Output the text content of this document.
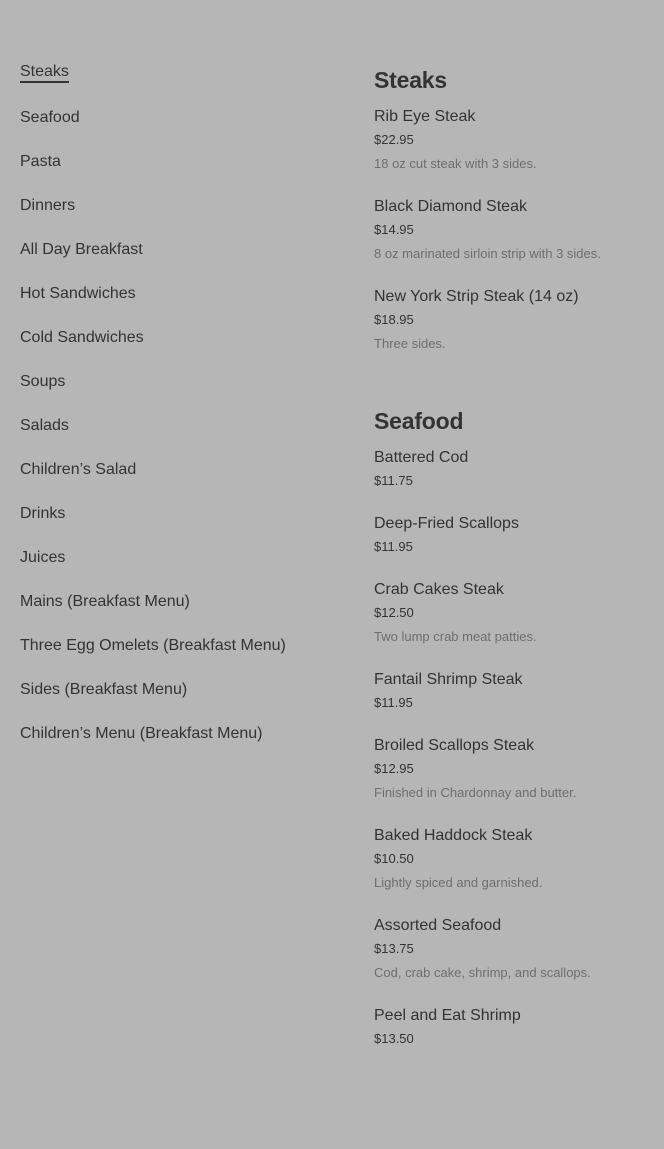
Steaks
Seafood
Pasta
Dinners
All Day Breakfast
Hot Sandwiches
Cold Sandwiches
Soups
Salads
Children’s Salad
Drinks
Juices
Mains (Breakfast Menu)
Three Egg Omelets (Breakfast Menu)
Sides (Breakfast Menu)
Children’s Menu (Breakfast Menu)
Steaks
Rib Eye Steak
$22.95
18 oz cut steak with 3 sides.
Black Diamond Steak
$14.95
8 oz marinated sirloin strip with 3 sides.
New York Strip Steak (14 oz)
$18.95
Three sides.
Seafood
Battered Cod
$11.75
Deep-Fried Scallops
$11.95
Crab Cakes Steak
$12.50
Two lump crab meat patties.
Fantail Shrimp Steak
$11.95
Broiled Scallops Steak
$12.95
Finished in Chardonnay and butter.
Baked Haddock Steak
$10.50
Lightly spiced and garnished.
Assorted Seafood
$13.75
Cod, crab cake, shrimp, and scallops.
Peel and Eat Shrimp
$13.50
